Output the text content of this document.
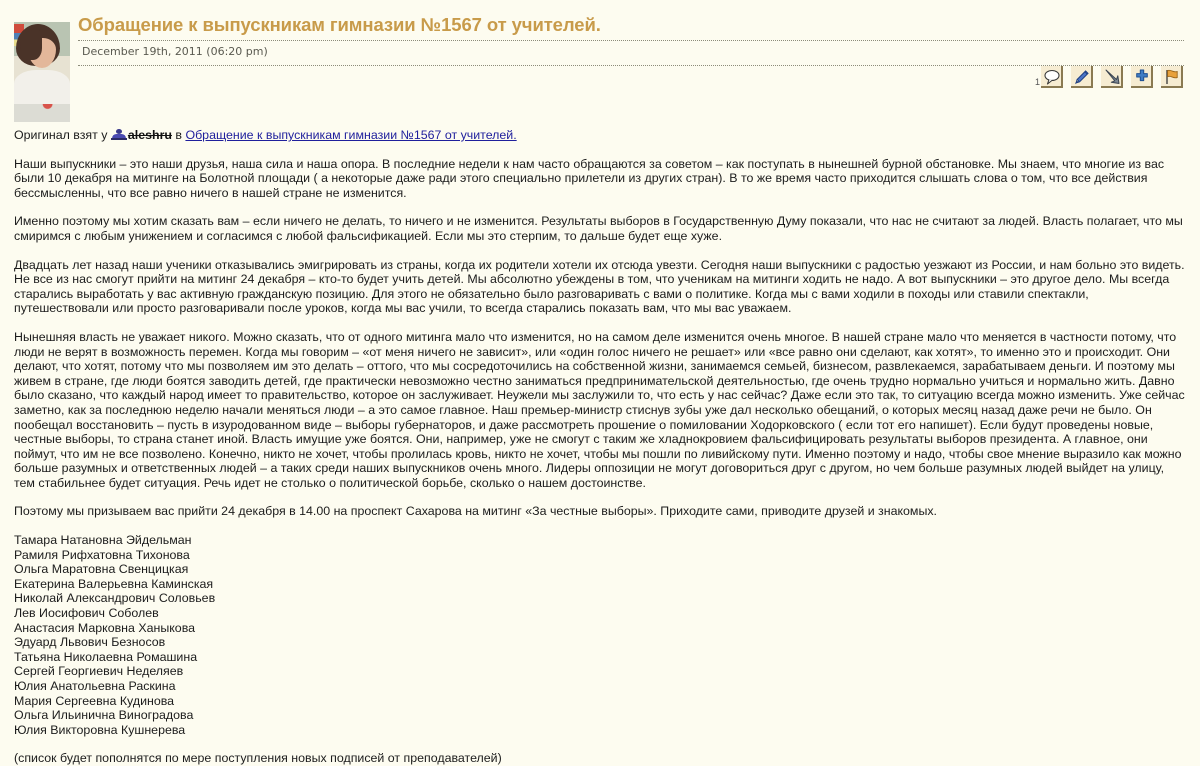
Обращение к выпускникам гимназии №1567 от учителей.
December 19th, 2011 (06:20 pm)
1
Оригинал взят у
aleshru в Обращение к выпускникам гимназии №1567 от учителей.

Наши выпускники – это наши друзья, наша сила и наша опора. В последние недели к нам часто обращаются за советом – как поступать в нынешней бурной обстановке. Мы знаем, что многие из вас были 10 декабря на митинге на Болотной площади ( а некоторые даже ради этого специально прилетели из других стран). В то же время часто приходится слышать слова о том, что все действия бессмысленны, что все равно ничего в нашей стране не изменится.

Именно поэтому мы хотим сказать вам – если ничего не делать, то ничего и не изменится. Результаты выборов в Государственную Думу показали, что нас не считают за людей. Власть полагает, что мы смиримся с любым унижением и согласимся с любой фальсификацией. Если мы это стерпим, то дальше будет еще хуже.

Двадцать лет назад наши ученики отказывались эмигрировать из страны, когда их родители хотели их отсюда увезти. Сегодня наши выпускники с радостью уезжают из России, и нам больно это видеть. Не все из нас смогут прийти на митинг 24 декабря – кто-то будет учить детей. Мы абсолютно убеждены в том, что ученикам на митинги ходить не надо. А вот выпускники – это другое дело. Мы всегда старались выработать у вас активную гражданскую позицию. Для этого не обязательно было разговаривать с вами о политике. Когда мы с вами ходили в походы или ставили спектакли, путешествовали или просто разговаривали после уроков, когда мы вас учили, то всегда старались показать вам, что мы вас уважаем.

Нынешняя власть не уважает никого. Можно сказать, что от одного митинга мало что изменится, но на самом деле изменится очень многое. В нашей стране мало что меняется в частности потому, что люди не верят в возможность перемен. Когда мы говорим – «от меня ничего не зависит», или «один голос ничего не решает» или «все равно они сделают, как хотят», то именно это и происходит. Они делают, что хотят, потому что мы позволяем им это делать – оттого, что мы сосредоточились на собственной жизни, занимаемся семьей, бизнесом, развлекаемся, зарабатываем деньги. И поэтому мы живем в стране, где люди боятся заводить детей, где практически невозможно честно заниматься предпринимательской деятельностью, где очень трудно нормально учиться и нормально жить. Давно было сказано, что каждый народ имеет то правительство, которое он заслуживает. Неужели мы заслужили то, что есть у нас сейчас? Даже если это так, то ситуацию всегда можно изменить. Уже сейчас заметно, как за последнюю неделю начали меняться люди – а это самое главное. Наш премьер-министр стиснув зубы уже дал несколько обещаний, о которых месяц назад даже речи не было. Он пообещал восстановить – пусть в изуродованном виде – выборы губернаторов, и даже рассмотреть прошение о помиловании Ходорковского ( если тот его напишет). Если будут проведены новые, честные выборы, то страна станет иной. Власть имущие уже боятся. Они, например, уже не смогут с таким же хладнокровием фальсифицировать результаты выборов президента. А главное, они поймут, что им не все позволено. Конечно, никто не хочет, чтобы пролилась кровь, никто не хочет, чтобы мы пошли по ливийскому пути. Именно поэтому и надо, чтобы свое мнение выразило как можно больше разумных и ответственных людей – а таких среди наших выпускников очень много. Лидеры оппозиции не могут договориться друг с другом, но чем больше разумных людей выйдет на улицу, тем стабильнее будет ситуация. Речь идет не столько о политической борьбе, сколько о нашем достоинстве.

Поэтому мы призываем вас прийти 24 декабря в 14.00 на проспект Сахарова на митинг «За честные выборы». Приходите сами, приводите друзей и знакомых.

Тамара Натановна Эйдельман
Рамиля Рифхатовна Тихонова
Ольга Маратовна Свенцицкая
Екатерина Валерьевна Каминская
Николай Александрович Соловьев
Лев Иосифович Соболев
Анастасия Марковна Ханыкова
Эдуард Львович Безносов
Татьяна Николаевна Ромашина
Сергей Георгиевич Неделяев
Юлия Анатольевна Раскина
Мария Сергеевна Кудинова
Ольга Ильинична Виноградова
Юлия Викторовна Кушнерева
(список будет пополнятся по мере поступления новых подписей от преподавателей)
